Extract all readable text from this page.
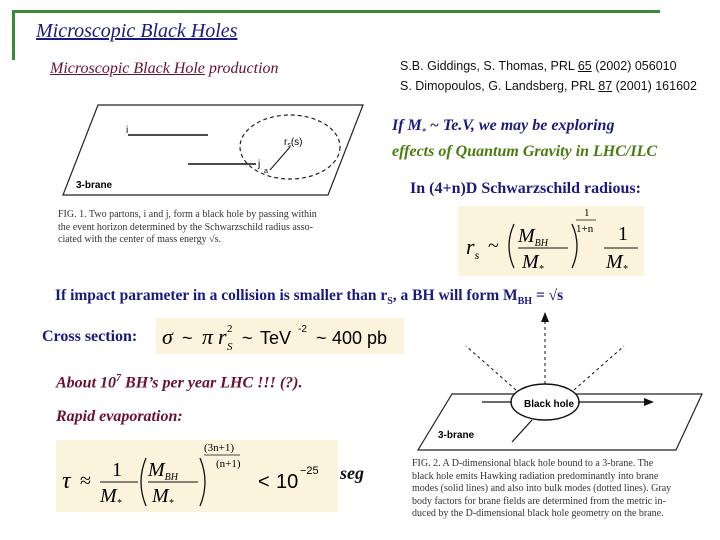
Microscopic Black Holes
Microscopic Black Hole production	S.B. Giddings, S. Thomas, PRL 65 (2002) 056010
S. Dimopoulos, G. Landsberg, PRL 87 (2001) 161602
i
j
a
$r_s(s)$
3-brane
FIG. 1. Two partons, i and j, form a black hole by passing within
the event horizon determined by the Schwarzschild radius asso-
ciated with the center of mass energy √s.
If $M_*$ ~ Te.V, we may be exploring
effects of Quantum Gravity in LHC/ILC
In (4+n)D Schwarzschild radious:
$r_s$ ~ $M_{BH}$
$M_*$
1
1+n 1
$M_*$
If impact parameter in a collision is smaller than $r_S$, a BH will form $M_{BH} = √s$
Cross section: σ ~ π r 2
S ~ TeV -2 ~ 400 pb
About $10^7$ BH’s per year LHC !!! (?).
Rapid evaporation:
τ ≈ 1
$M_*$
$M_{BH}$
$M_*$
(3n+1)
(n+1)
< 10 −25 seg
Black hole
3-brane
FIG. 2. A D-dimensional black hole bound to a 3-brane. The
black hole emits Hawking radiation predominantly into brane
modes (solid lines) and also into bulk modes (dotted lines). Gray
body factors for brane fields are determined from the metric in-
duced by the D-dimensional black hole geometry on the brane.
